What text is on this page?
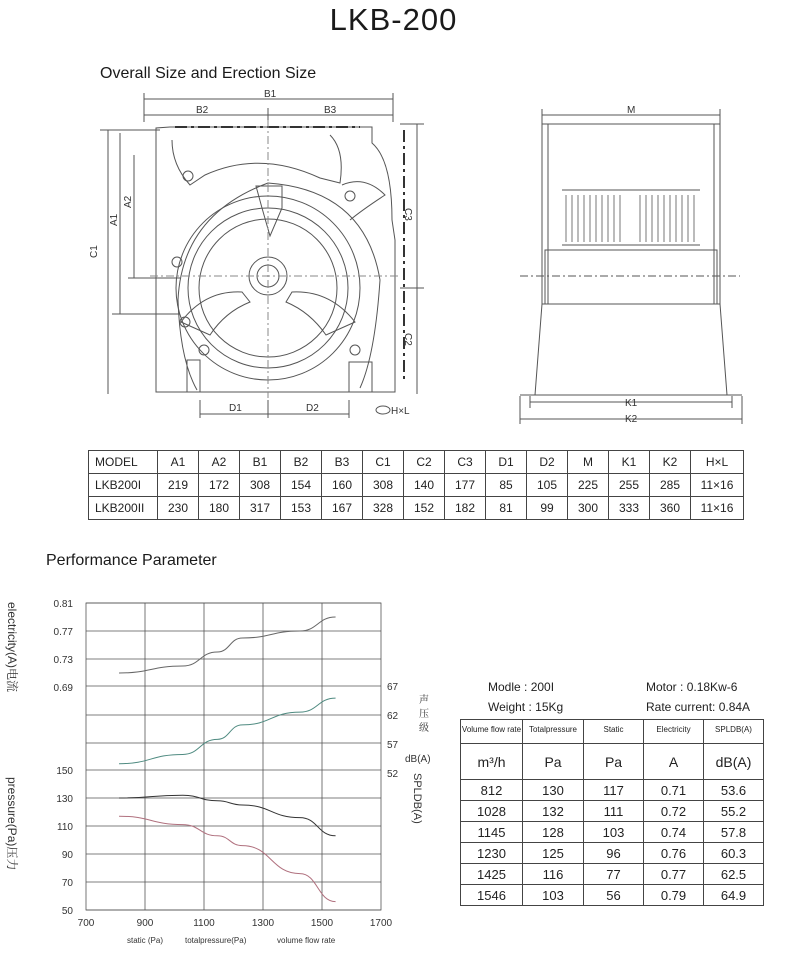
LKB-200
Overall Size and Erection Size
B1
B2	B3
C1
A1
A2
C3
C2
D1	D2	H×L
M
K1
K2
MODEL	A1	A2	B1	B2	B3	C1	C2	C3	D1	D2	M	K1	K2	H×L
LKB200I	219	172	308	154	160	308	140	177	85	105	225	255	285	11×16
LKB200II	230	180	317	153	167	328	152	182	81	99	300	333	360	11×16
Performance Parameter
700	900	1100	1300	1500	1700
0.81
0.77
0.73
0.69
150
130
110
90
70
50
67
62
57
52
electricity(A)电流
pressure(Pa)压力
声压级
dB(A)
SPLDB(A)
static (Pa)	totalpressure(Pa)	volume flow rate
Modle : 200I
Weight : 15Kg
Motor : 0.18Kw-6
Rate current: 0.84A
Volume flow rate	Totalpressure	Static	Electricity	SPLDB(A)
m³/h	Pa	Pa	A	dB(A)
812	130	117	0.71	53.6
1028	132	111	0.72	55.2
1145	128	103	0.74	57.8
1230	125	96	0.76	60.3
1425	116	77	0.77	62.5
1546	103	56	0.79	64.9
